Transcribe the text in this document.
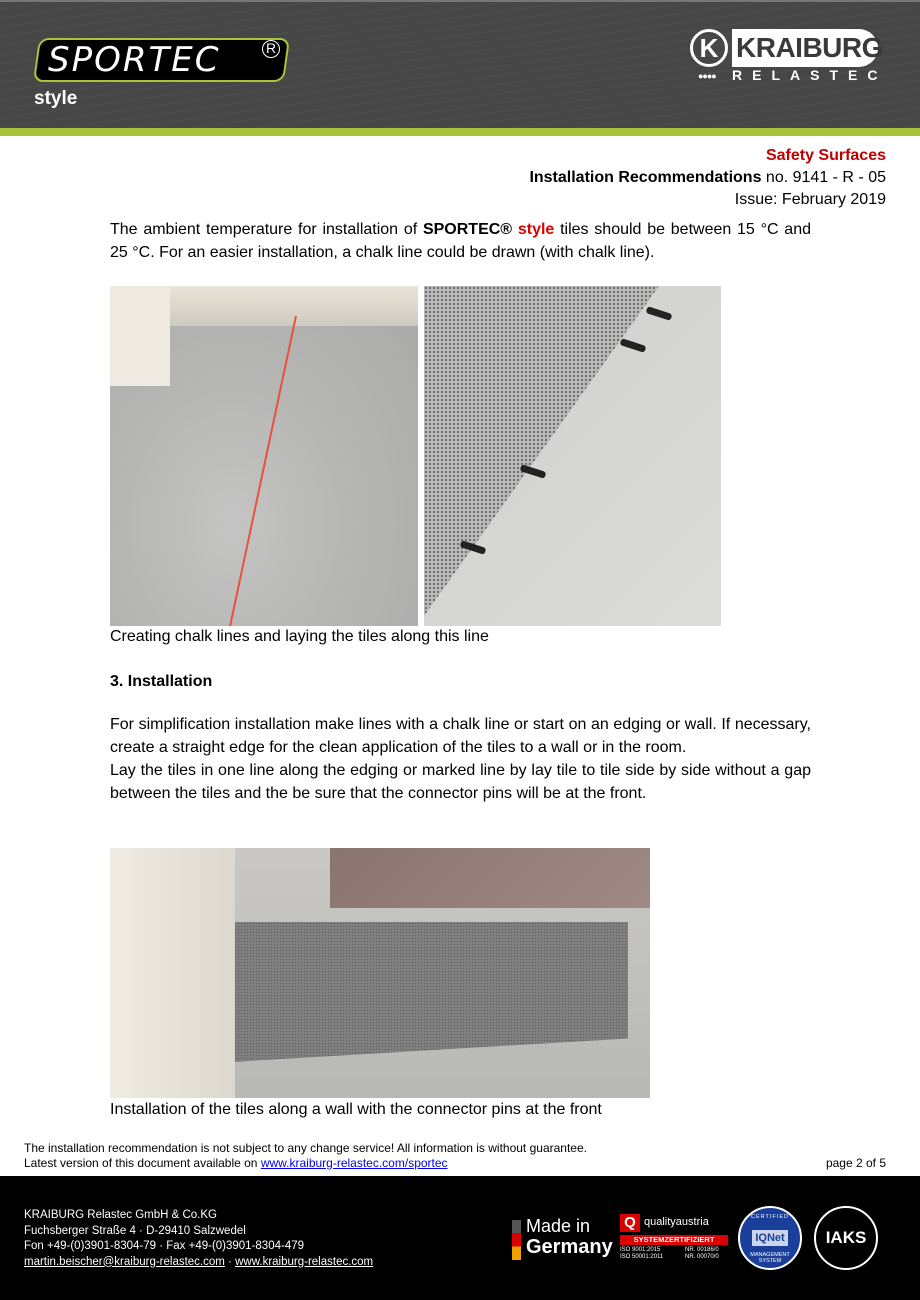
SPORTEC	R
style
K KRAIBURG
●●●● RELASTEC
Safety Surfaces
Installation Recommendations no. 9141 - R - 05
Issue: February 2019
The ambient temperature for installation of SPORTEC® style tiles should be between 15 °C and 25 °C. For an easier installation, a chalk line could be drawn (with chalk line).
Creating chalk lines and laying the tiles along this line
3. Installation
For simplification installation make lines with a chalk line or start on an edging or wall. If necessary, create a straight edge for the clean application of the tiles to a wall or in the room.
Lay the tiles in one line along the edging or marked line by lay tile to tile side by side without a gap between the tiles and the be sure that the connector pins will be at the front.
Installation of the tiles along a wall with the connector pins at the front
The installation recommendation is not subject to any change service! All information is without guarantee.
Latest version of this document available on www.kraiburg-relastec.com/sportec	page 2 of 5
KRAIBURG Relastec GmbH & Co.KG
Fuchsberger Straße 4 · D-29410 Salzwedel
Fon +49-(0)3901-8304-79 · Fax +49-(0)3901-8304-479
martin.beischer@kraiburg-relastec.com · www.kraiburg-relastec.com
Made in
Germany
Q qualityaustria
SYSTEMZERTIFIZIERT
ISO 9001:2015	NR. 00186/0
ISO 50001:2011	NR. 00070/0
CERTIFIED
IQNet
MANAGEMENT SYSTEM
IAKS
